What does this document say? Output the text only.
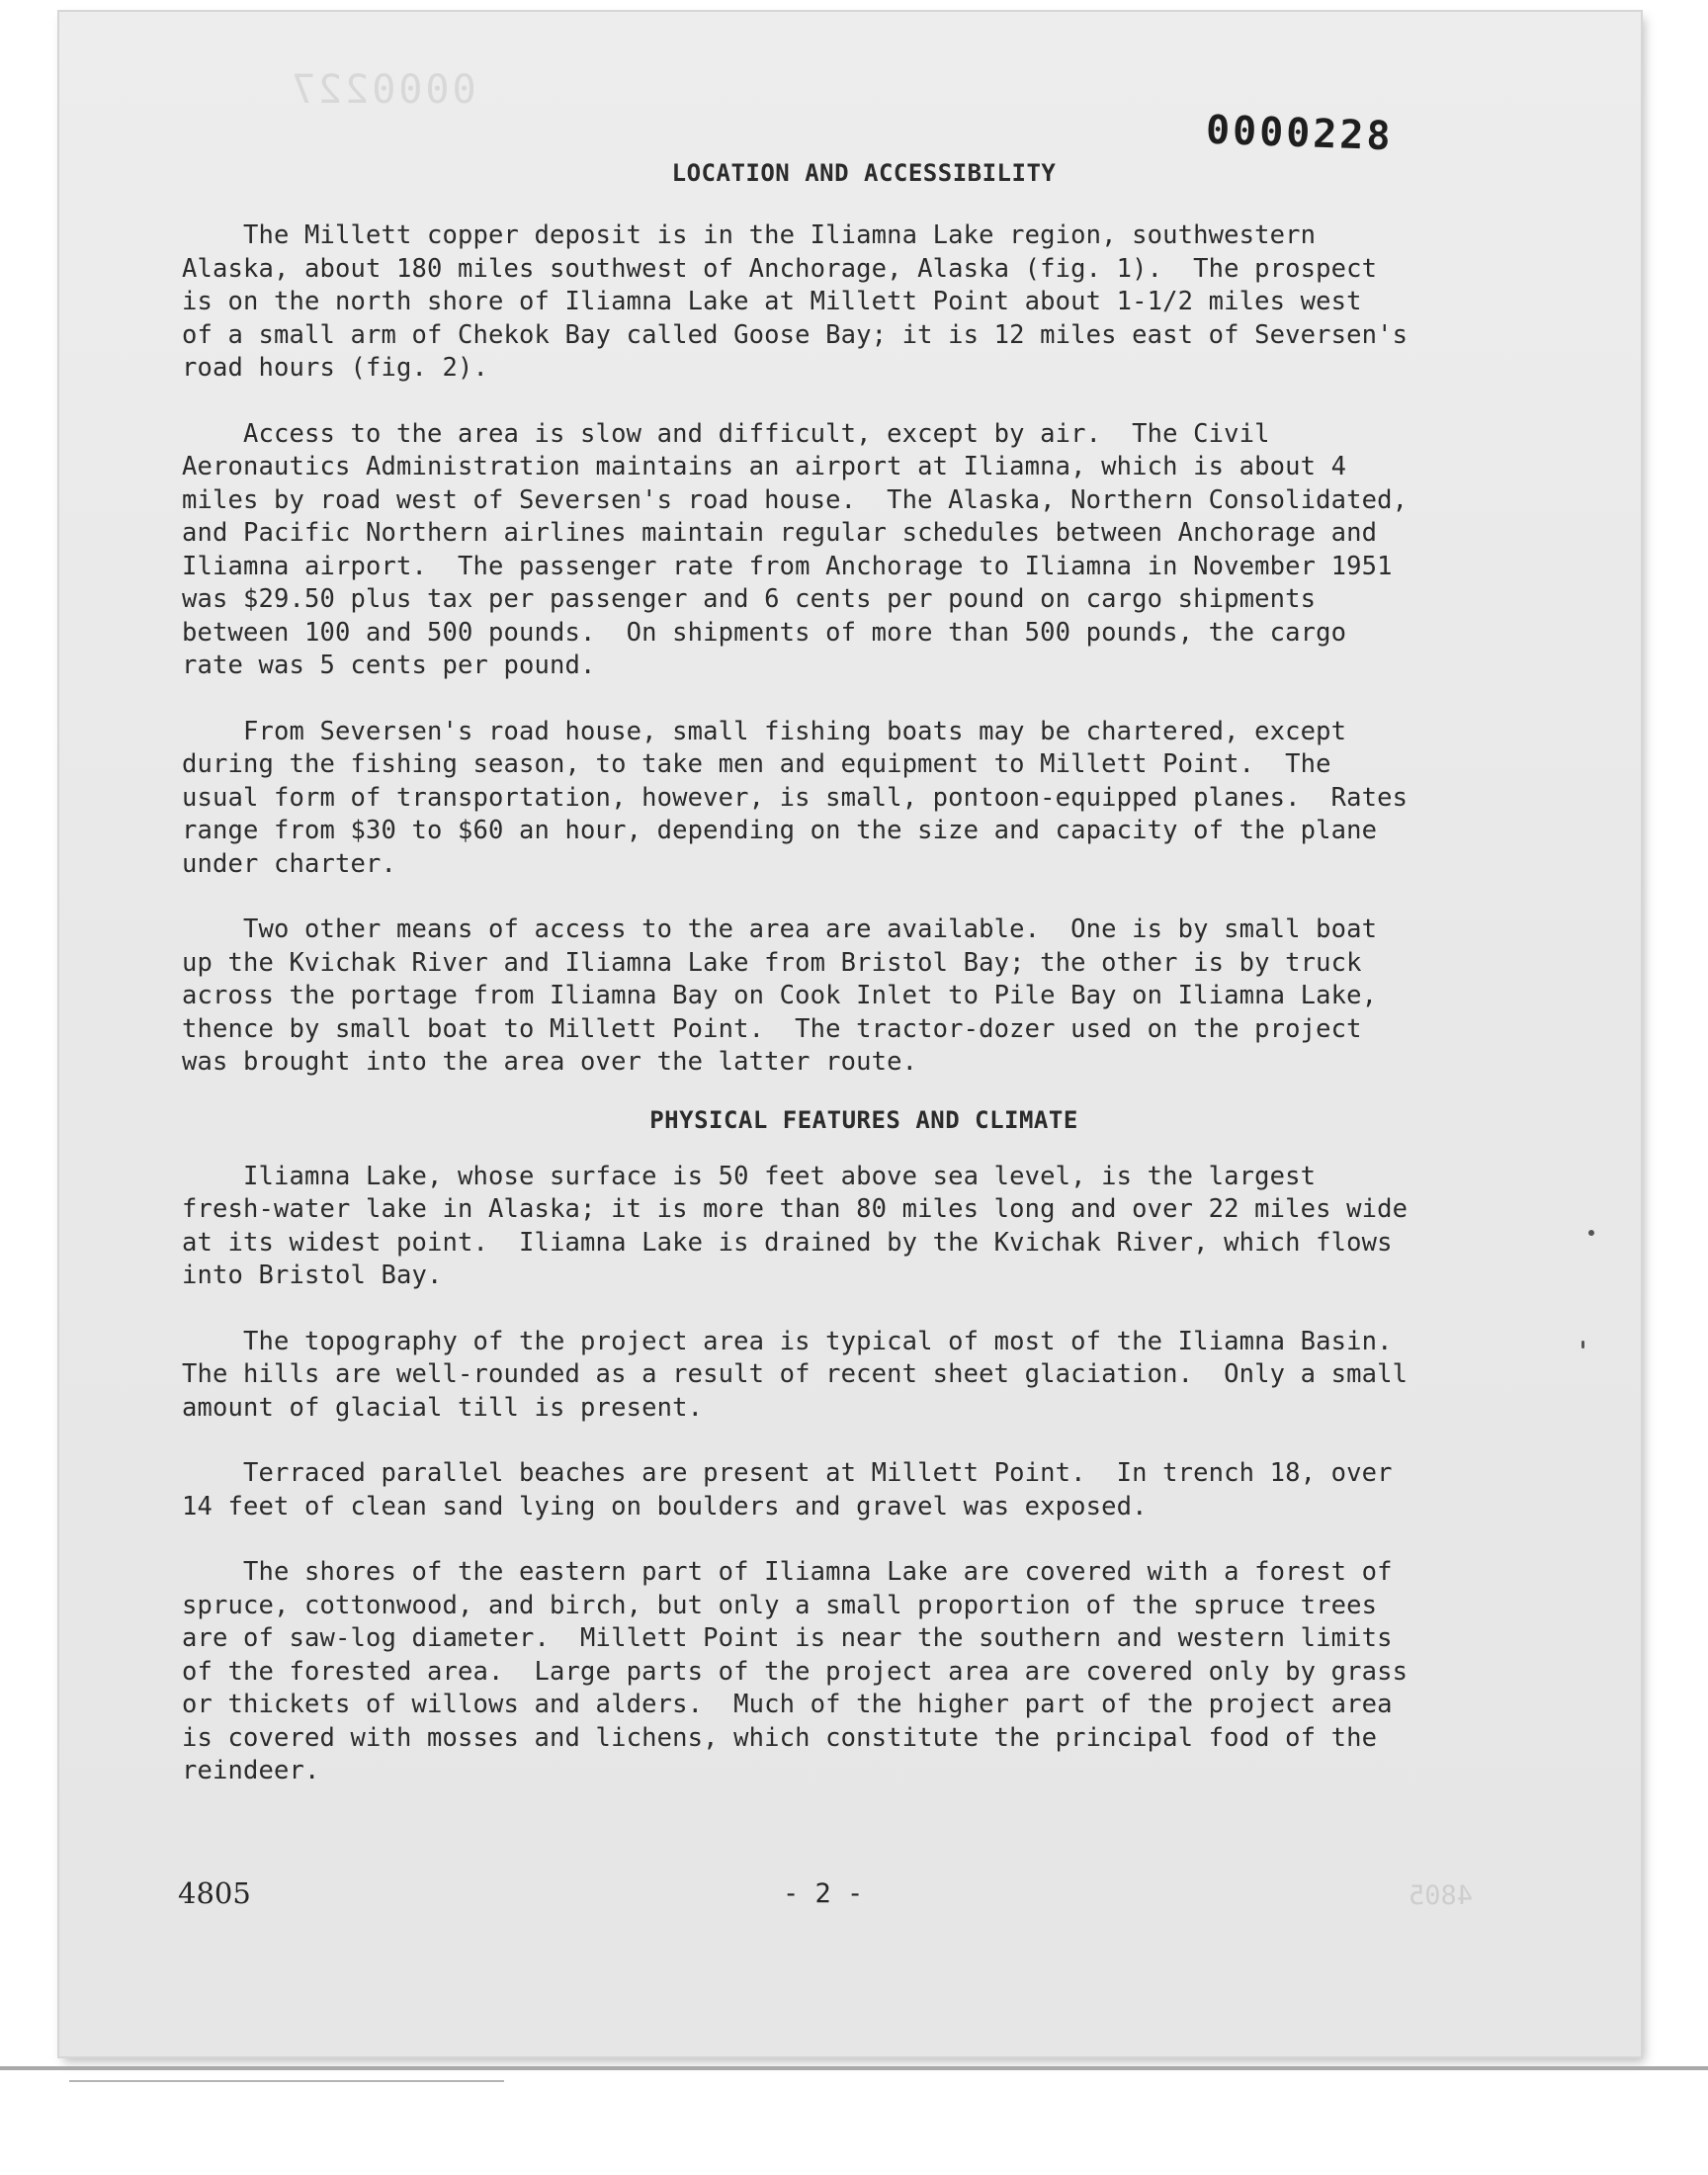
0000227
0000228
LOCATION AND ACCESSIBILITY

The Millett copper deposit is in the Iliamna Lake region, southwestern
Alaska, about 180 miles southwest of Anchorage, Alaska (fig. 1).  The prospect
is on the north shore of Iliamna Lake at Millett Point about 1-1/2 miles west
of a small arm of Chekok Bay called Goose Bay; it is 12 miles east of Seversen's
road hours (fig. 2).

Access to the area is slow and difficult, except by air.  The Civil
Aeronautics Administration maintains an airport at Iliamna, which is about 4
miles by road west of Seversen's road house.  The Alaska, Northern Consolidated,
and Pacific Northern airlines maintain regular schedules between Anchorage and
Iliamna airport.  The passenger rate from Anchorage to Iliamna in November 1951
was $29.50 plus tax per passenger and 6 cents per pound on cargo shipments
between 100 and 500 pounds.  On shipments of more than 500 pounds, the cargo
rate was 5 cents per pound.

From Seversen's road house, small fishing boats may be chartered, except
during the fishing season, to take men and equipment to Millett Point.  The
usual form of transportation, however, is small, pontoon-equipped planes.  Rates
range from $30 to $60 an hour, depending on the size and capacity of the plane
under charter.

Two other means of access to the area are available.  One is by small boat
up the Kvichak River and Iliamna Lake from Bristol Bay; the other is by truck
across the portage from Iliamna Bay on Cook Inlet to Pile Bay on Iliamna Lake,
thence by small boat to Millett Point.  The tractor-dozer used on the project
was brought into the area over the latter route.

PHYSICAL FEATURES AND CLIMATE

Iliamna Lake, whose surface is 50 feet above sea level, is the largest
fresh-water lake in Alaska; it is more than 80 miles long and over 22 miles wide
at its widest point.  Iliamna Lake is drained by the Kvichak River, which flows
into Bristol Bay.

The topography of the project area is typical of most of the Iliamna Basin.
The hills are well-rounded as a result of recent sheet glaciation.  Only a small
amount of glacial till is present.

Terraced parallel beaches are present at Millett Point.  In trench 18, over
14 feet of clean sand lying on boulders and gravel was exposed.

The shores of the eastern part of Iliamna Lake are covered with a forest of
spruce, cottonwood, and birch, but only a small proportion of the spruce trees
are of saw-log diameter.  Millett Point is near the southern and western limits
of the forested area.  Large parts of the project area are covered only by grass
or thickets of willows and alders.  Much of the higher part of the project area
is covered with mosses and lichens, which constitute the principal food of the
reindeer.

4805	- 2 -	4805
